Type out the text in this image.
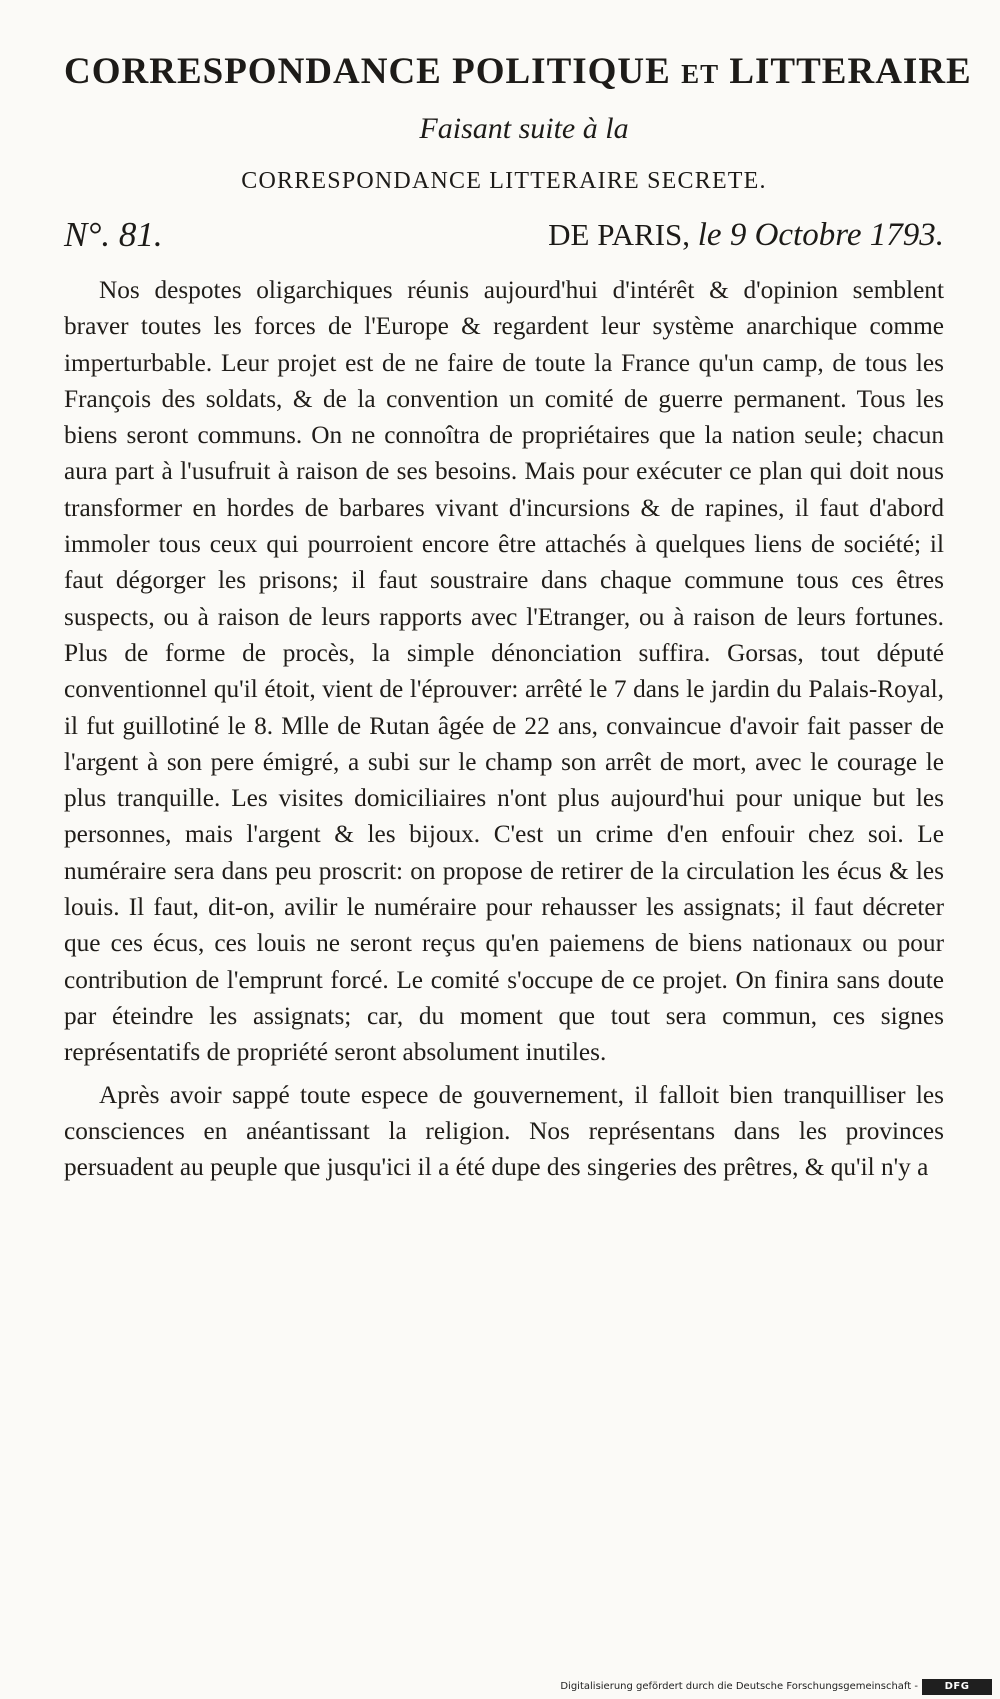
CORRESPONDANCE POLITIQUE ET LITTERAIRE
Faisant suite à la
CORRESPONDANCE LITTERAIRE SECRETE.
N°. 81.	DE PARIS, le 9 Octobre 1793.

Nos despotes oligarchiques réunis aujourd'hui d'intérêt & d'opinion semblent braver toutes les forces de l'Europe & regardent leur système anarchique comme imperturbable. Leur projet est de ne faire de toute la France qu'un camp, de tous les François des soldats, & de la convention un comité de guerre permanent. Tous les biens seront communs. On ne connoîtra de propriétaires que la nation seule; chacun aura part à l'usufruit à raison de ses besoins. Mais pour exécuter ce plan qui doit nous transformer en hordes de barbares vivant d'incursions & de rapines, il faut d'abord immoler tous ceux qui pourroient encore être attachés à quelques liens de société; il faut dégorger les prisons; il faut soustraire dans chaque commune tous ces êtres suspects, ou à raison de leurs rapports avec l'Etranger, ou à raison de leurs fortunes. Plus de forme de procès, la simple dénonciation suffira. Gorsas, tout député conventionnel qu'il étoit, vient de l'éprouver: arrêté le 7 dans le jardin du Palais-Royal, il fut guillotiné le 8. Mlle de Rutan âgée de 22 ans, convaincue d'avoir fait passer de l'argent à son pere émigré, a subi sur le champ son arrêt de mort, avec le courage le plus tranquille. Les visites domiciliaires n'ont plus aujourd'hui pour unique but les personnes, mais l'argent & les bijoux. C'est un crime d'en enfouir chez soi. Le numéraire sera dans peu proscrit: on propose de retirer de la circulation les écus & les louis. Il faut, dit-on, avilir le numéraire pour rehausser les assignats; il faut décreter que ces écus, ces louis ne seront reçus qu'en paiemens de biens nationaux ou pour contribution de l'emprunt forcé. Le comité s'occupe de ce projet. On finira sans doute par éteindre les assignats; car, du moment que tout sera commun, ces signes représentatifs de propriété seront absolument inutiles.

Après avoir sappé toute espece de gouvernement, il falloit bien tranquilliser les consciences en anéantissant la religion. Nos représentans dans les provinces persuadent au peuple que jusqu'ici il a été dupe des singeries des prêtres, & qu'il n'y a

Digitalisierung gefördert durch die Deutsche Forschungsgemeinschaft -	DFG
